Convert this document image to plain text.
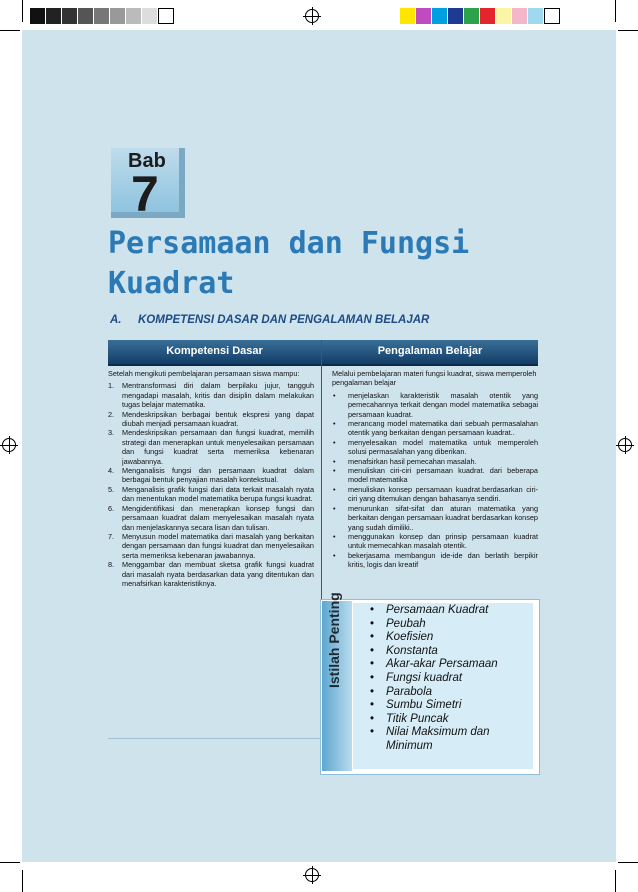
Bab
7
Persamaan dan Fungsi
Kuadrat
A. KOMPETENSI DASAR DAN PENGALAMAN BELAJAR
Kompetensi Dasar	Pengalaman Belajar

Setelah mengikuti pembelajaran persamaan siswa mampu:

1. Mentransformasi diri dalam berpilaku jujur, tangguh mengadapi masalah, kritis dan disiplin dalam melakukan tugas belajar matematika.
2. Mendeskripsikan berbagai bentuk ekspresi yang dapat diubah menjadi persamaan kuadrat.
3. Mendeskripsikan persamaan dan fungsi kuadrat, memilih strategi dan menerapkan untuk menyelesaikan persamaan dan fungsi kuadrat serta memeriksa kebenaran jawabannya.
4. Menganalisis fungsi dan persamaan kuadrat dalam berbagai bentuk penyajian masalah kontekstual.
5. Menganalisis grafik fungsi dari data terkait masalah nyata dan menentukan model matematika berupa fungsi kuadrat.
6. Mengidentifikasi dan menerapkan konsep fungsi dan persamaan kuadrat dalam menyelesaikan masalah nyata dan menjelaskannya secara lisan dan tulisan.
7. Menyusun model matematika dari masalah yang berkaitan dengan persamaan dan fungsi kuadrat dan menyelesaikan serta memeriksa kebenaran jawabannya.
8. Menggambar dan membuat sketsa grafik fungsi kuadrat dari masalah nyata berdasarkan data yang ditentukan dan menafsirkan karakteristiknya.

Melalui pembelajaran materi fungsi kuadrat, siswa memperoleh pengalaman belajar

• menjelaskan karakteristik masalah otentik yang pemecahannya terkait dengan model matematika sebagai persamaan kuadrat.
• merancang model matematika dari sebuah permasalahan otentik yang berkaitan dengan persamaan kuadrat..
• menyelesaikan model matematika untuk memperoleh solusi permasalahan yang diberikan.
• menafsirkan hasil pemecahan masalah.
• menuliskan ciri-ciri persamaan kuadrat. dari beberapa model matematika
• menuliskan konsep persamaan kuadrat.berdasarkan ciri-ciri yang ditemukan dengan bahasanya sendiri.
• menurunkan sifat-sifat dan aturan matematika yang berkaitan dengan persamaan kuadrat berdasarkan konsep yang sudah dimiliki..
• menggunakan konsep dan prinsip persamaan kuadrat untuk memecahkan masalah otentik.
• bekerjasama membangun ide-ide dan berlatih berpikir kritis, logis dan kreatif
Istilah Penting • Persamaan Kuadrat
• Peubah
• Koefisien
• Konstanta
• Akar-akar Persamaan
• Fungsi kuadrat
• Parabola
• Sumbu Simetri
• Titik Puncak
• Nilai Maksimum dan Minimum
